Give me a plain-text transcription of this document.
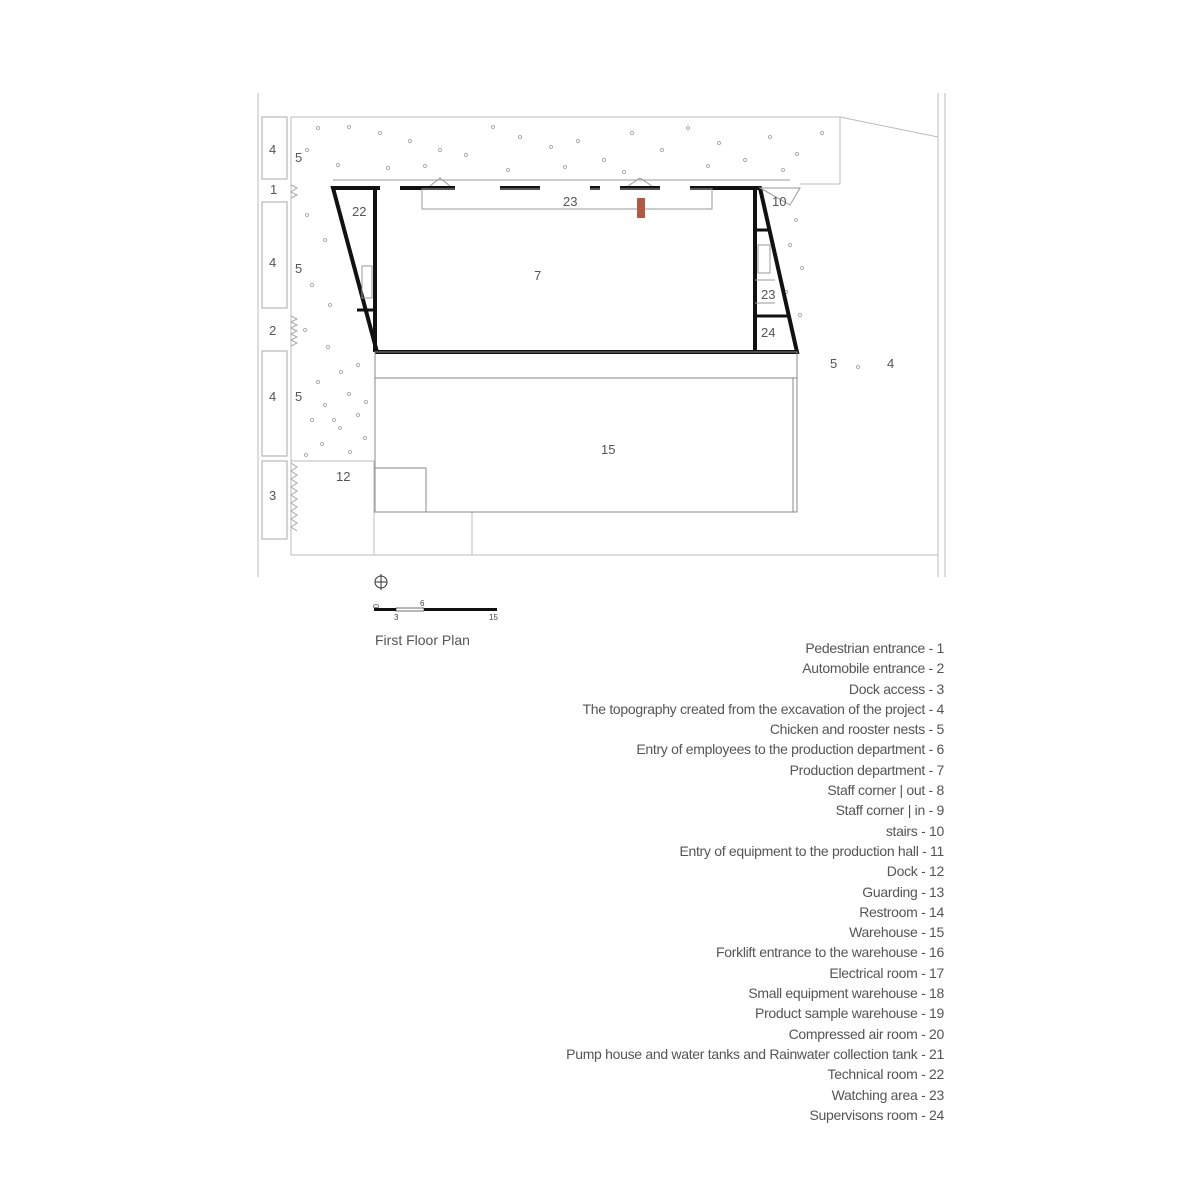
4
4
4
4
5
5
5
5
1
2
3
22
23	10
7
23
24
15
12
0
3
6
15
First Floor Plan	Pedestrian entrance - 1
Automobile entrance - 2
Dock access - 3
The topography created from the excavation of the project - 4
Chicken and rooster nests - 5
Entry of employees to the production department - 6
Production department - 7
Staff corner | out - 8
Staff corner | in - 9
stairs - 10
Entry of equipment to the production hall - 11
Dock - 12
Guarding - 13
Restroom - 14
Warehouse - 15
Forklift entrance to the warehouse - 16
Electrical room - 17
Small equipment warehouse - 18
Product sample warehouse - 19
Compressed air room - 20
Pump house and water tanks and Rainwater collection tank - 21
Technical room - 22
Watching area - 23
Supervisons room - 24
